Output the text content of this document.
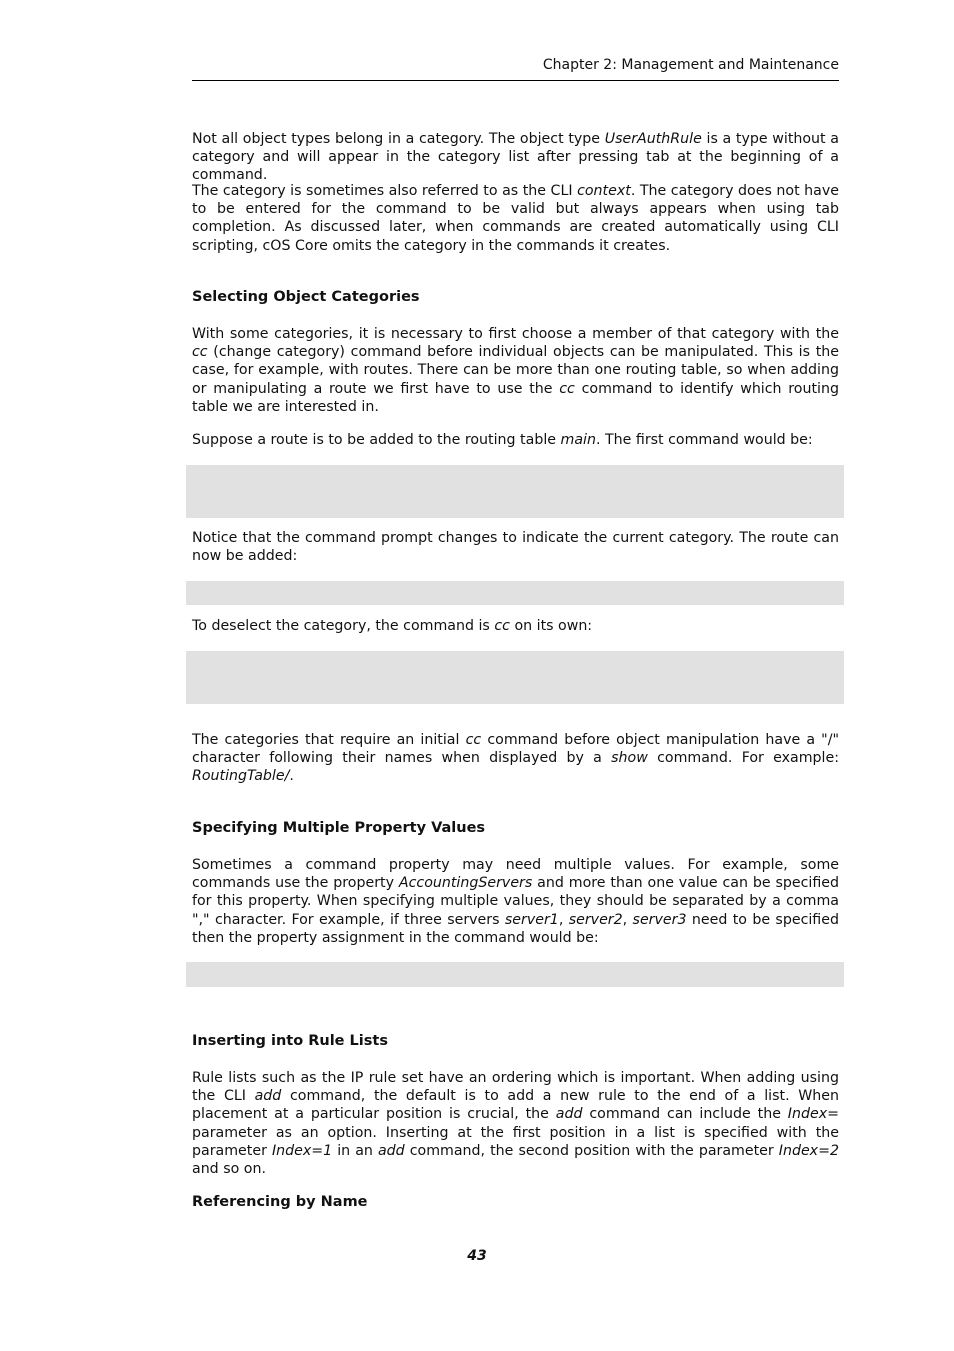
Chapter 2: Management and Maintenance

Not all object types belong in a category. The object type UserAuthRule is a type without a category and will appear in the category list after pressing tab at the beginning of a command.

The category is sometimes also referred to as the CLI context. The category does not have to be entered for the command to be valid but always appears when using tab completion. As discussed later, when commands are created automatically using CLI scripting, cOS Core omits the category in the commands it creates.

Selecting Object Categories

With some categories, it is necessary to first choose a member of that category with the cc (change category) command before individual objects can be manipulated. This is the case, for example, with routes. There can be more than one routing table, so when adding or manipulating a route we first have to use the cc command to identify which routing table we are interested in.

Suppose a route is to be added to the routing table main. The first command would be:

Notice that the command prompt changes to indicate the current category. The route can now be added:

To deselect the category, the command is cc on its own:

The categories that require an initial cc command before object manipulation have a "/" character following their names when displayed by a show command. For example: RoutingTable/.

Specifying Multiple Property Values

Sometimes a command property may need multiple values. For example, some commands use the property AccountingServers and more than one value can be specified for this property. When specifying multiple values, they should be separated by a comma "," character. For example, if three servers server1, server2, server3 need to be specified then the property assignment in the command would be:

Inserting into Rule Lists

Rule lists such as the IP rule set have an ordering which is important. When adding using the CLI add command, the default is to add a new rule to the end of a list. When placement at a particular position is crucial, the add command can include the Index= parameter as an option. Inserting at the first position in a list is specified with the parameter Index=1 in an add command, the second position with the parameter Index=2 and so on.

Referencing by Name
43
